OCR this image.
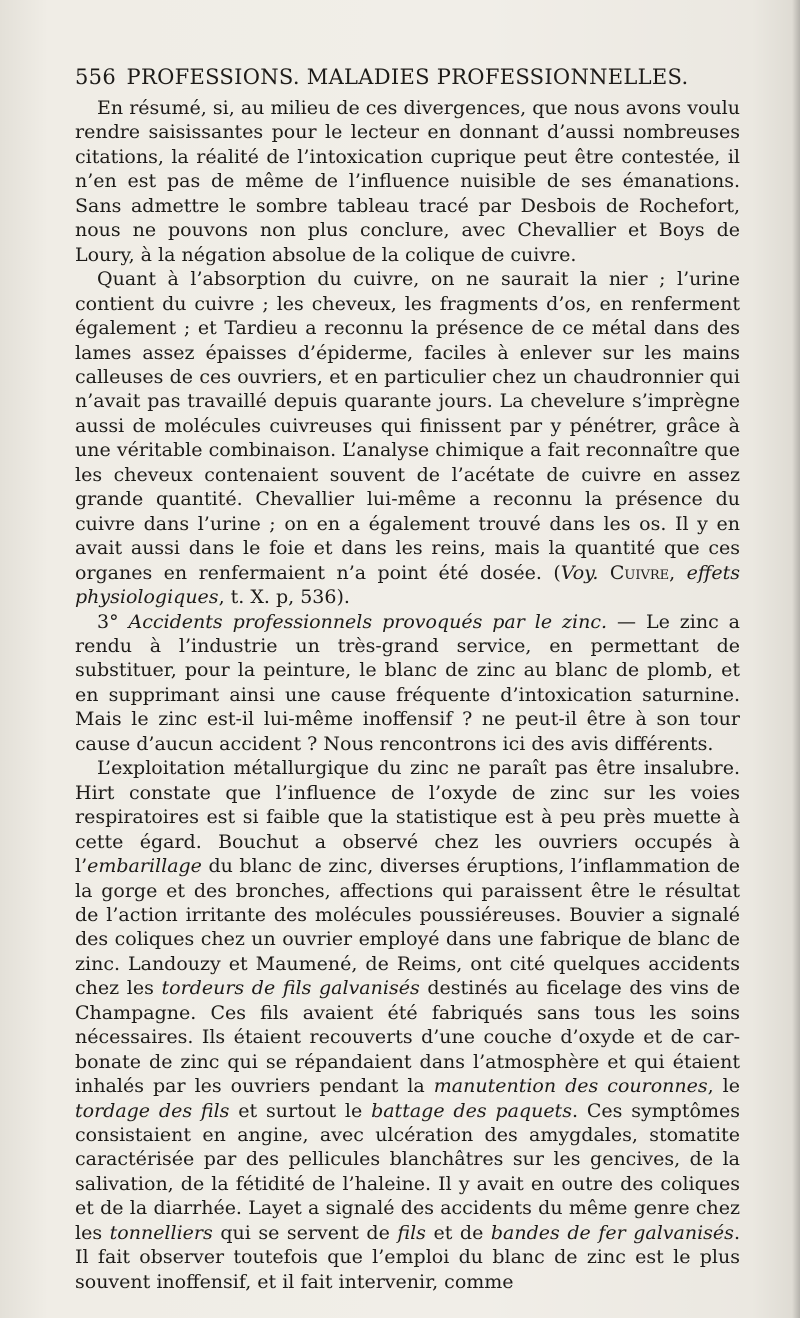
556 PROFESSIONS. MALADIES PROFESSIONNELLES.

En résumé, si, au milieu de ces divergences, que nous avons voulu rendre saisissantes pour le lecteur en donnant d’aussi nombreuses citations, la réalité de l’intoxication cuprique peut être contestée, il n’en est pas de même de l’influence nuisible de ses émanations. Sans admettre le sombre tableau tracé par Desbois de Rochefort, nous ne pouvons non plus conclure, avec Chevallier et Boys de Loury, à la négation absolue de la colique de cuivre.

Quant à l’absorption du cuivre, on ne saurait la nier ; l’urine contient du cuivre ; les cheveux, les fragments d’os, en renferment également ; et Tardieu a reconnu la présence de ce métal dans des lames assez épaisses d’épiderme, faciles à enlever sur les mains calleuses de ces ouvriers, et en particulier chez un chaudronnier qui n’avait pas travaillé depuis quarante jours. La chevelure s’imprègne aussi de molécules cuivreuses qui finissent par y pénétrer, grâce à une véritable combinaison. L’analyse chimique a fait reconnaître que les cheveux contenaient souvent de l’acétate de cuivre en assez grande quantité. Chevallier lui-même a reconnu la présence du cuivre dans l’urine ; on en a également trouvé dans les os. Il y en avait aussi dans le foie et dans les reins, mais la quantité que ces organes en renfermaient n’a point été dosée. (Voy. Cuivre, effets physiologiques, t. X. p, 536).

3° Accidents professionnels provoqués par le zinc. — Le zinc a rendu à l’industrie un très-grand service, en permettant de substituer, pour la peinture, le blanc de zinc au blanc de plomb, et en supprimant ainsi une cause fréquente d’intoxication saturnine. Mais le zinc est-il lui-même inoffensif ? ne peut-il être à son tour cause d’aucun accident ? Nous rencontrons ici des avis différents.

L’exploitation métallurgique du zinc ne paraît pas être insalubre. Hirt constate que l’influence de l’oxyde de zinc sur les voies respiratoires est si faible que la statistique est à peu près muette à cette égard. Bouchut a observé chez les ouvriers occupés à l’embarillage du blanc de zinc, diverses éruptions, l’inflammation de la gorge et des bronches, affections qui paraissent être le résultat de l’action irritante des molécules poussiéreuses. Bouvier a signalé des coliques chez un ouvrier employé dans une fabrique de blanc de zinc. Landouzy et Maumené, de Reims, ont cité quelques accidents chez les tordeurs de fils galvanisés destinés au ficelage des vins de Champagne. Ces fils avaient été fabriqués sans tous les soins nécessaires. Ils étaient recouverts d’une couche d’oxyde et de carbonate de zinc qui se répandaient dans l’atmosphère et qui étaient inhalés par les ouvriers pendant la manutention des couronnes, le tordage des fils et surtout le battage des paquets. Ces symptômes consistaient en angine, avec ulcération des amygdales, stomatite caractérisée par des pellicules blanchâtres sur les gencives, de la salivation, de la fétidité de l’haleine. Il y avait en outre des coliques et de la diarrhée. Layet a signalé des accidents du même genre chez les tonnelliers qui se servent de fils et de bandes de fer galvanisés. Il fait observer toutefois que l’emploi du blanc de zinc est le plus souvent inoffensif, et il fait intervenir, comme
